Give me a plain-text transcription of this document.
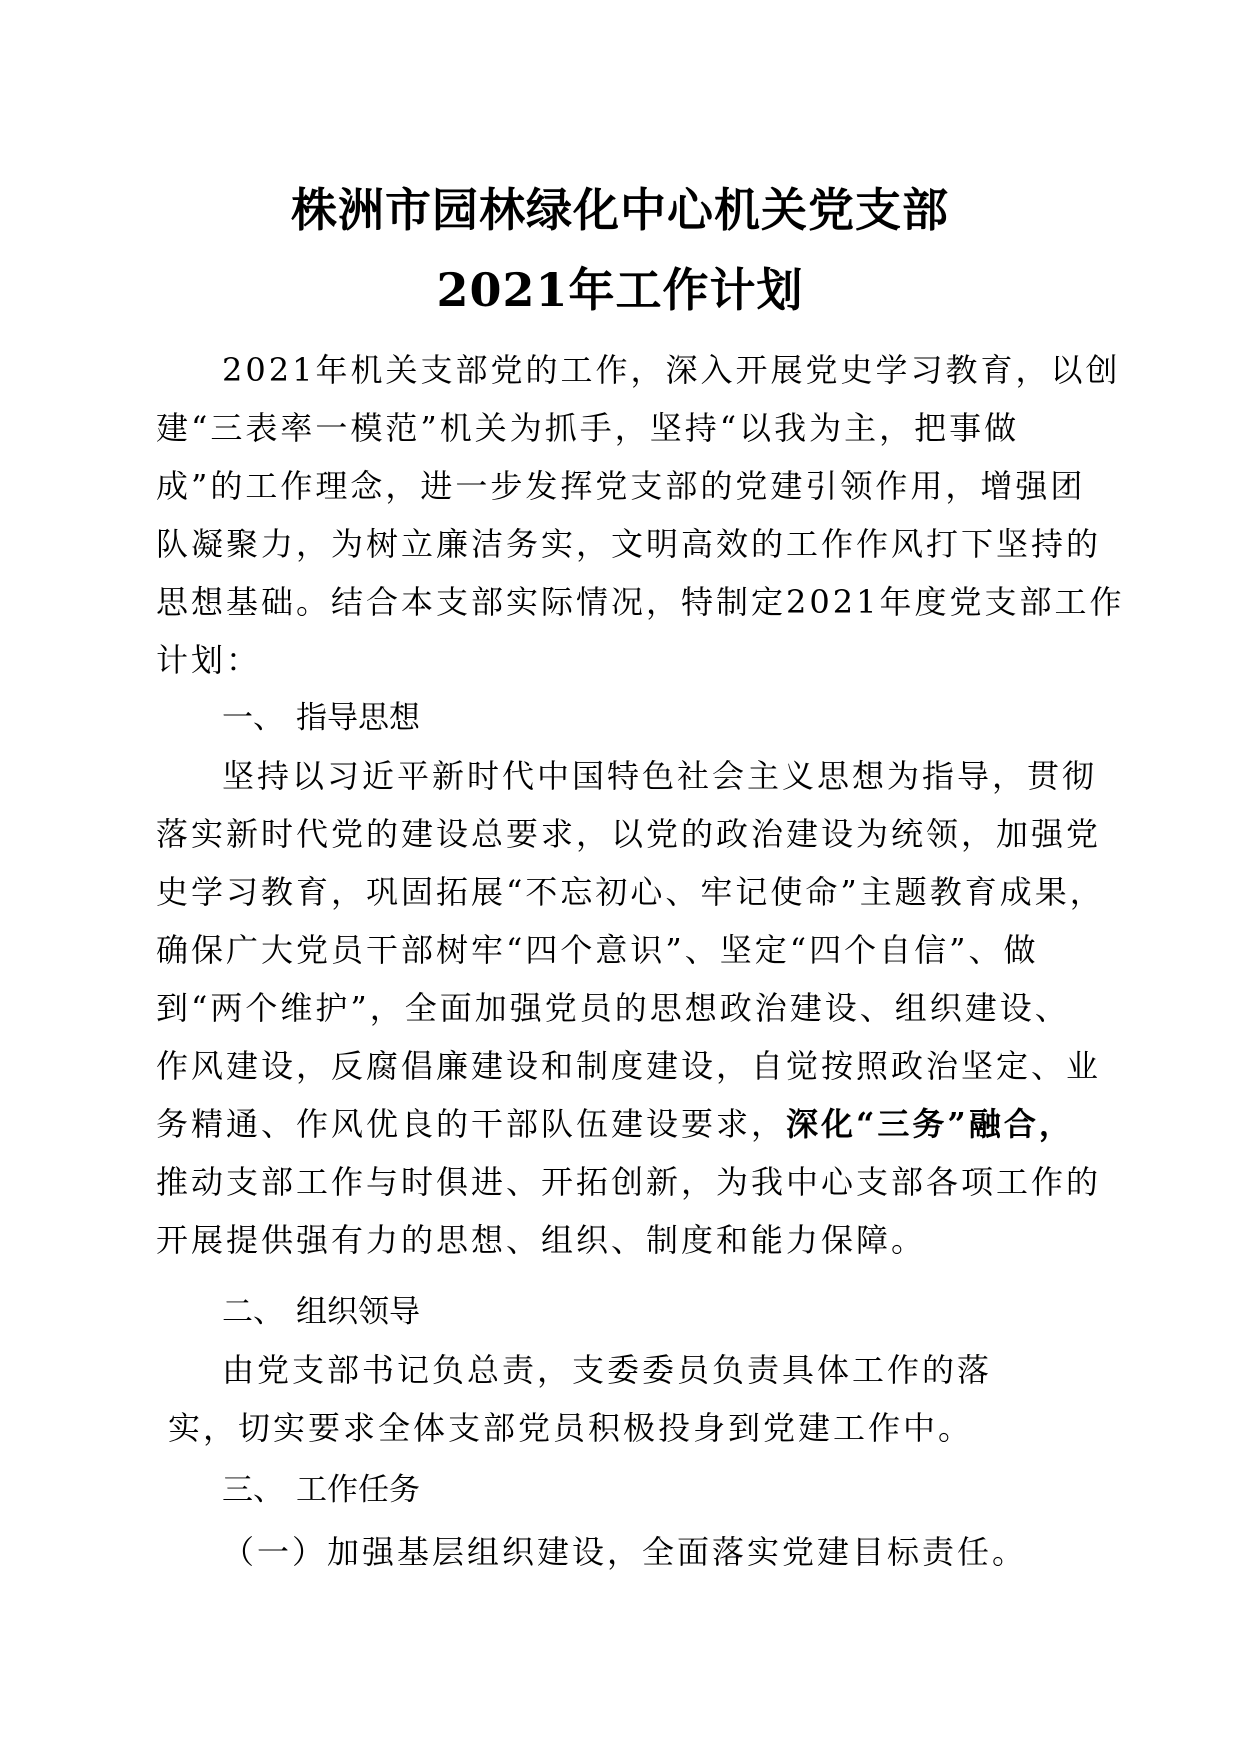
株洲市园林绿化中心机关党支部
2021年工作计划
2021年机关支部党的工作，深入开展党史学习教育，以创
建“三表率一模范”机关为抓手，坚持“以我为主，把事做
成”的工作理念，进一步发挥党支部的党建引领作用，增强团
队凝聚力，为树立廉洁务实，文明高效的工作作风打下坚持的
思想基础。结合本支部实际情况，特制定2021年度党支部工作
计划：
一、 指导思想
坚持以习近平新时代中国特色社会主义思想为指导，贯彻
落实新时代党的建设总要求，以党的政治建设为统领，加强党
史学习教育，巩固拓展“不忘初心、牢记使命”主题教育成果，
确保广大党员干部树牢“四个意识”、坚定“四个自信”、做
到“两个维护”，全面加强党员的思想政治建设、组织建设、
作风建设，反腐倡廉建设和制度建设，自觉按照政治坚定、业
务精通、作风优良的干部队伍建设要求，深化“三务”融合，
推动支部工作与时俱进、开拓创新，为我中心支部各项工作的
开展提供强有力的思想、组织、制度和能力保障。
二、 组织领导
由党支部书记负总责，支委委员负责具体工作的落
实，切实要求全体支部党员积极投身到党建工作中。
三、 工作任务
（一）加强基层组织建设，全面落实党建目标责任。
